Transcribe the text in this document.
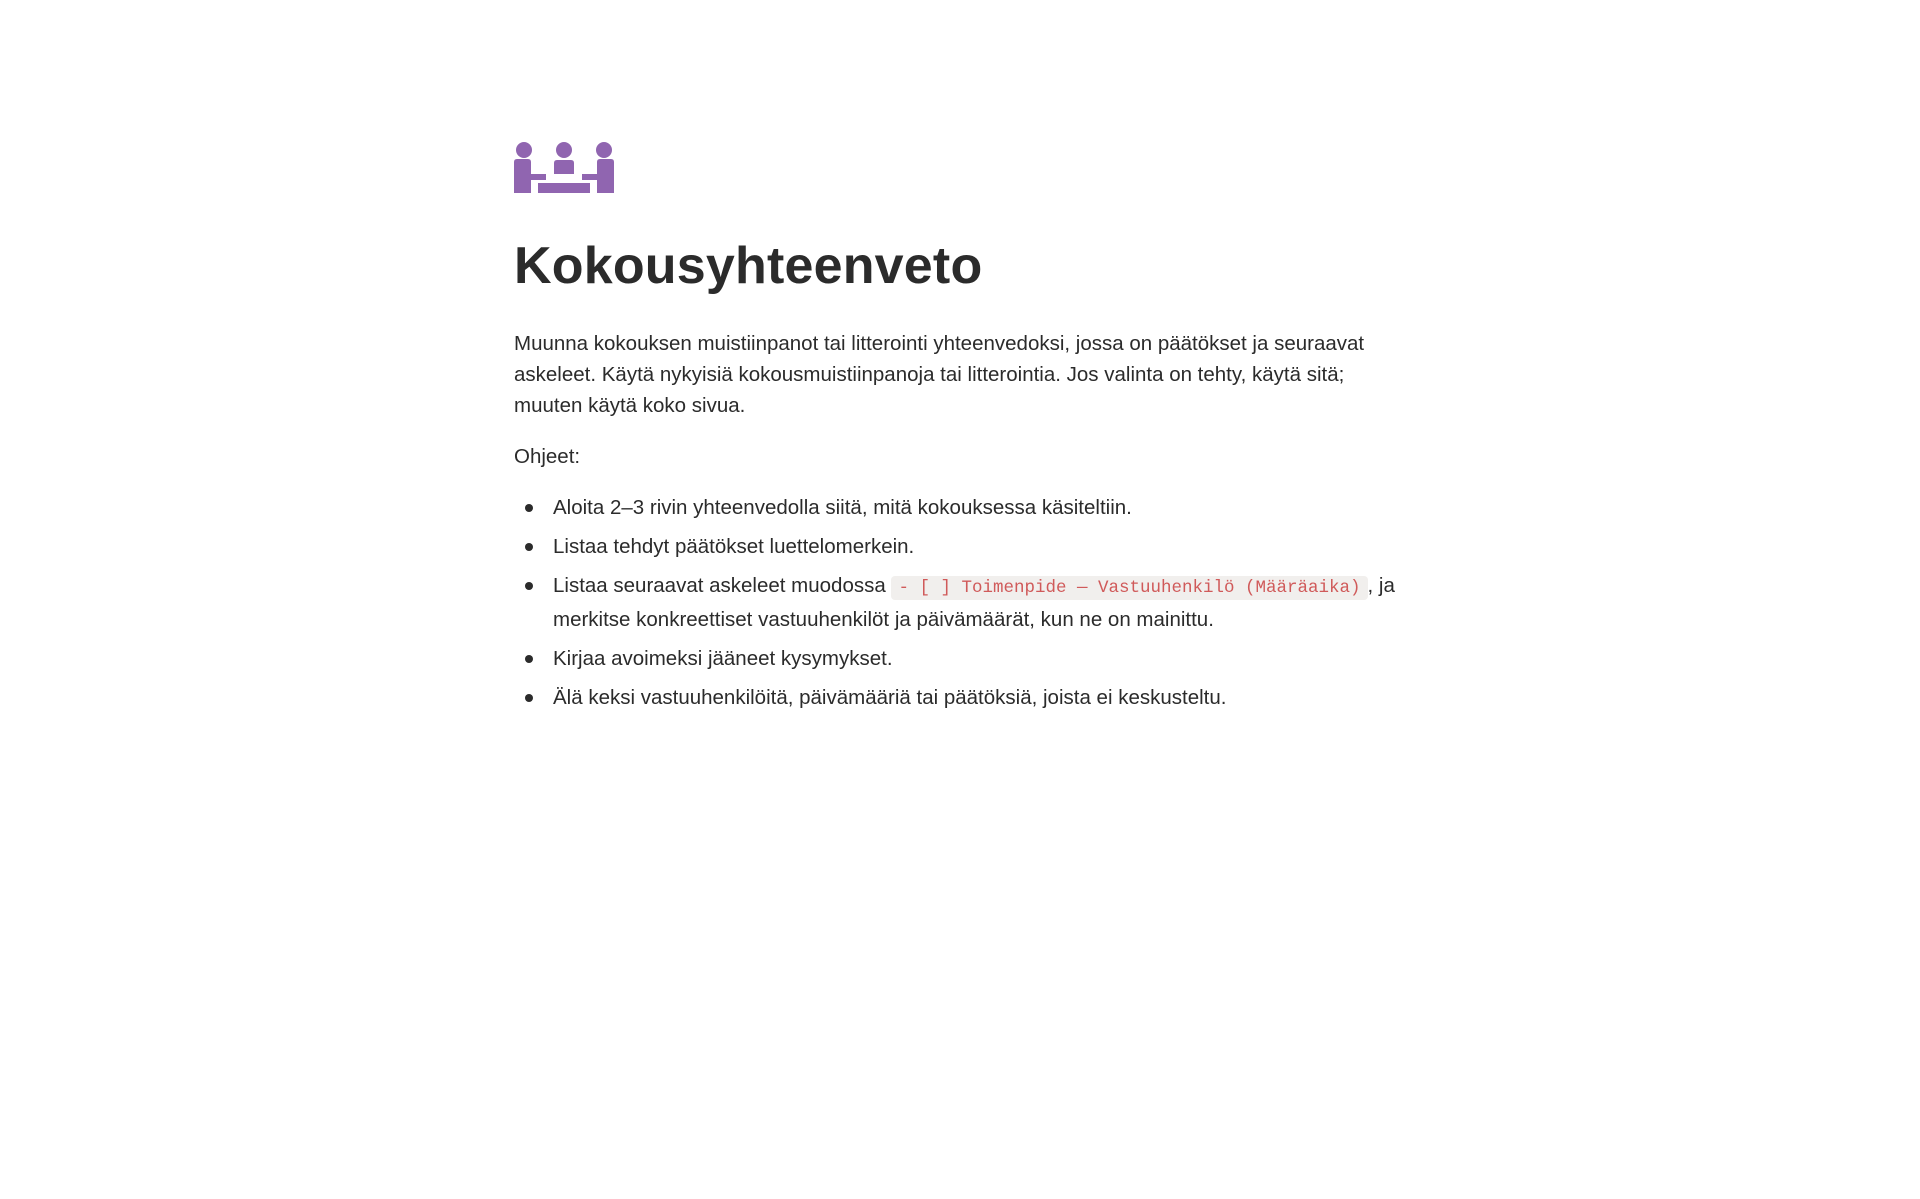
Kokousyhteenveto

Muunna kokouksen muistiinpanot tai litterointi yhteenvedoksi, jossa on päätökset ja seuraavat askeleet. Käytä nykyisiä kokousmuistiinpanoja tai litterointia. Jos valinta on tehty, käytä sitä; muuten käytä koko sivua.

Ohjeet:

Aloita 2–3 rivin yhteenvedolla siitä, mitä kokouksessa käsiteltiin.
Listaa tehdyt päätökset luettelomerkein.
Listaa seuraavat askeleet muodossa - [ ] Toimenpide — Vastuuhenkilö (Määräaika) , ja merkitse konkreettiset vastuuhenkilöt ja päivämäärät, kun ne on mainittu.
Kirjaa avoimeksi jääneet kysymykset.
Älä keksi vastuuhenkilöitä, päivämääriä tai päätöksiä, joista ei keskusteltu.
